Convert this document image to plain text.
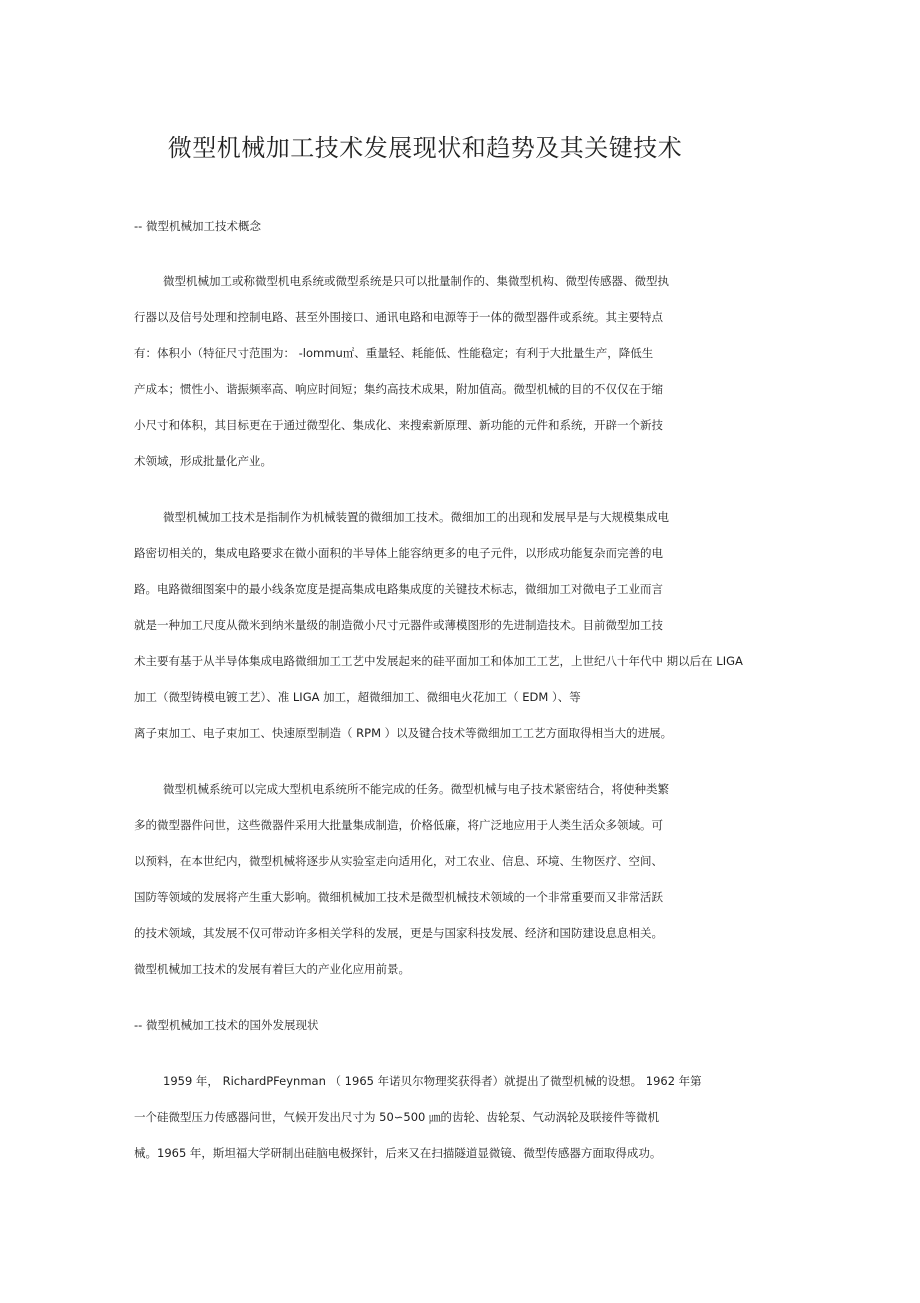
微型机械加工技术发展现状和趋势及其关键技术
-- 微型机械加工技术概念
微型机械加工或称微型机电系统或微型系统是只可以批量制作的、集微型机构、微型传感器、微型执
行器以及信号处理和控制电路、甚至外围接口、通讯电路和电源等于一体的微型器件或系统。其主要特点
有：体积小（特征尺寸范围为： -lommu㎡、重量轻、耗能低、性能稳定；有利于大批量生产，降低生
产成本；惯性小、谐振频率高、响应时间短；集约高技术成果，附加值高。微型机械的目的不仅仅在于缩
小尺寸和体积，其目标更在于通过微型化、集成化、来搜索新原理、新功能的元件和系统，开辟一个新技
术领域，形成批量化产业。
微型机械加工技术是指制作为机械装置的微细加工技术。微细加工的出现和发展早是与大规模集成电
路密切相关的，集成电路要求在微小面积的半导体上能容纳更多的电子元件，以形成功能复杂而完善的电
路。电路微细图案中的最小线条宽度是提高集成电路集成度的关键技术标志，微细加工对微电子工业而言
就是一种加工尺度从微米到纳米量级的制造微小尺寸元器件或薄模图形的先进制造技术。目前微型加工技
术主要有基于从半导体集成电路微细加工工艺中发展起来的硅平面加工和体加工工艺，上世纪八十年代中 期以后在 LIGA
加工（微型铸模电镀工艺）、准 LIGA 加工，超微细加工、微细电火花加工（ EDM ）、等
离子束加工、电子束加工、快速原型制造（ RPM ）以及键合技术等微细加工工艺方面取得相当大的进展。
微型机械系统可以完成大型机电系统所不能完成的任务。微型机械与电子技术紧密结合，将使种类繁
多的微型器件问世，这些微器件采用大批量集成制造，价格低廉，将广泛地应用于人类生活众多领域。可
以预料，在本世纪内，微型机械将逐步从实验室走向适用化，对工农业、信息、环境、生物医疗、空间、
国防等领域的发展将产生重大影响。微细机械加工技术是微型机械技术领域的一个非常重要而又非常活跃
的技术领域，其发展不仅可带动许多相关学科的发展，更是与国家科技发展、经济和国防建设息息相关。
微型机械加工技术的发展有着巨大的产业化应用前景。
-- 微型机械加工技术的国外发展现状
1959 年， RichardPFeynman （ 1965 年诺贝尔物理奖获得者）就提出了微型机械的设想。 1962 年第
一个硅微型压力传感器问世，气候开发出尺寸为 50∽500 ㎛的齿轮、齿轮泵、气动涡轮及联接件等微机
械。1965 年，斯坦福大学研制出硅脑电极探针，后来又在扫描隧道显微镜、微型传感器方面取得成功。
